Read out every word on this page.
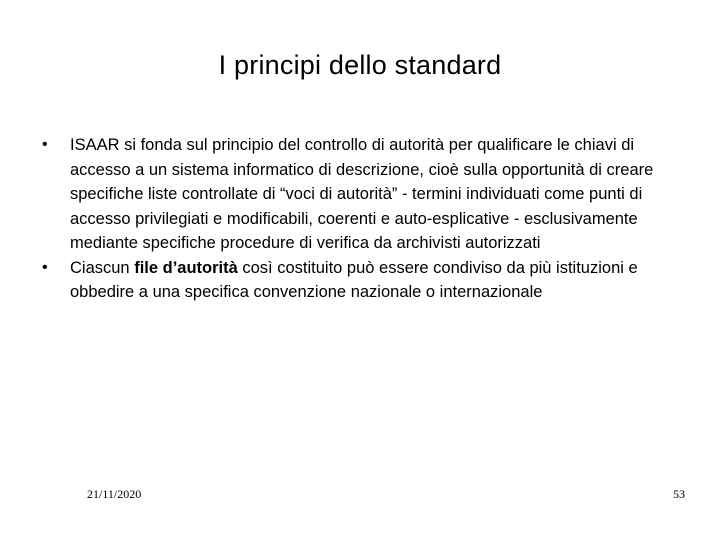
I principi dello standard
• ISAAR si fonda sul principio del controllo di autorità per qualificare le chiavi di accesso a un sistema informatico di descrizione, cioè sulla opportunità di creare specifiche liste controllate di “voci di autorità” - termini individuati come punti di accesso privilegiati e modificabili, coerenti e auto-esplicative - esclusivamente mediante specifiche procedure di verifica da archivisti autorizzati
• Ciascun file d’autorità così costituito può essere condiviso da più istituzioni e obbedire a una specifica convenzione nazionale o internazionale
21/11/2020	53
